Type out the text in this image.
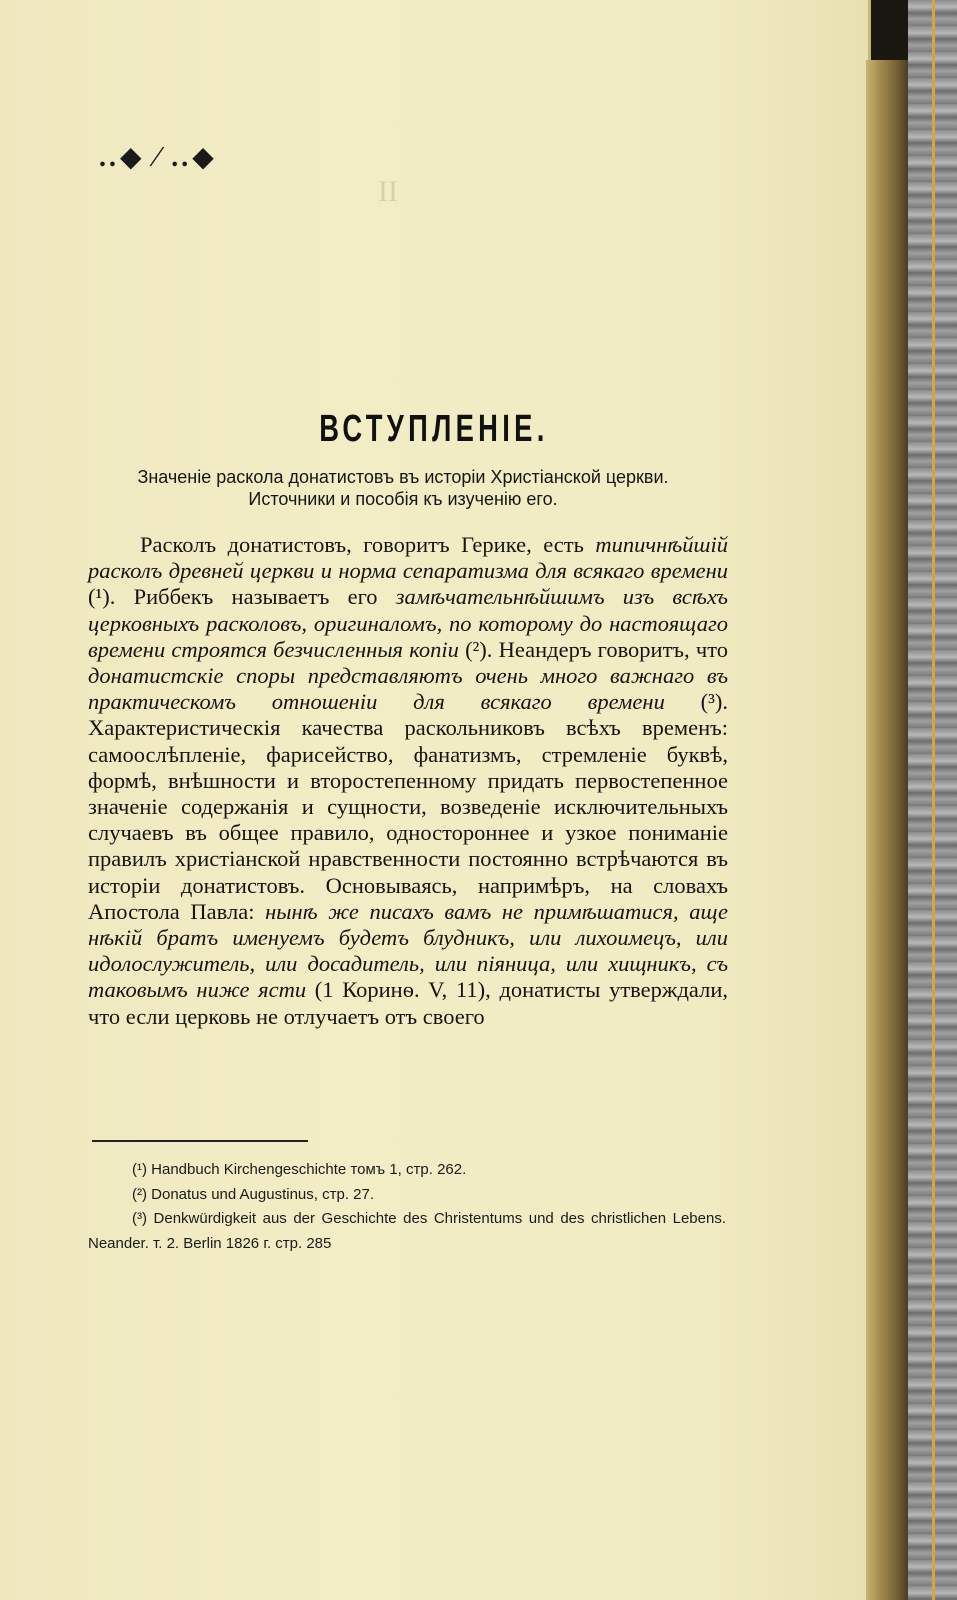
..◆ ⁄ ..◆
II
ВСТУПЛЕНІЕ.
Значеніе раскола донатистовъ въ исторіи Христіанской церкви.
Источники и пособія къ изученію его.
Расколъ донатистовъ, говоритъ Герике, есть типичнѣйшій расколъ древней церкви и норма сепаратизма для всякаго времени (¹). Риббекъ называетъ его замѣчательнѣйшимъ изъ всѣхъ церковныхъ расколовъ, оригиналомъ, по которому до настоящаго времени строятся безчисленныя копіи (²). Неандеръ говоритъ, что донатистскіе споры представляютъ очень много важнаго въ практическомъ отношеніи для всякаго времени (³). Характеристическія качества раскольниковъ всѣхъ временъ: самоослѣпленіе, фарисейство, фанатизмъ, стремленіе буквѣ, формѣ, внѣшности и второстепенному придать первостепенное значеніе содержанія и сущности, возведеніе исключительныхъ случаевъ въ общее правило, одностороннее и узкое пониманіе правилъ христіанской нравственности постоянно встрѣчаются въ исторіи донатистовъ. Основываясь, напримѣръ, на словахъ Апостола Павла: нынѣ же писахъ вамъ не примѣшатися, аще нѣкій братъ именуемъ будетъ блудникъ, или лихоимецъ, или идолослужитель, или досадитель, или піяница, или хищникъ, съ таковымъ ниже ясти (1 Коринѳ. V, 11), донатисты утверждали, что если церковь не отлучаетъ отъ своего
(¹) Handbuch Kirchengeschichte томъ 1, стр. 262.
(²) Donatus und Augustinus, стр. 27.
(³) Denkwürdigkeit aus der Geschichte des Christentums und des christlichen Lebens. Neander. т. 2. Berlin 1826 г. стр. 285
